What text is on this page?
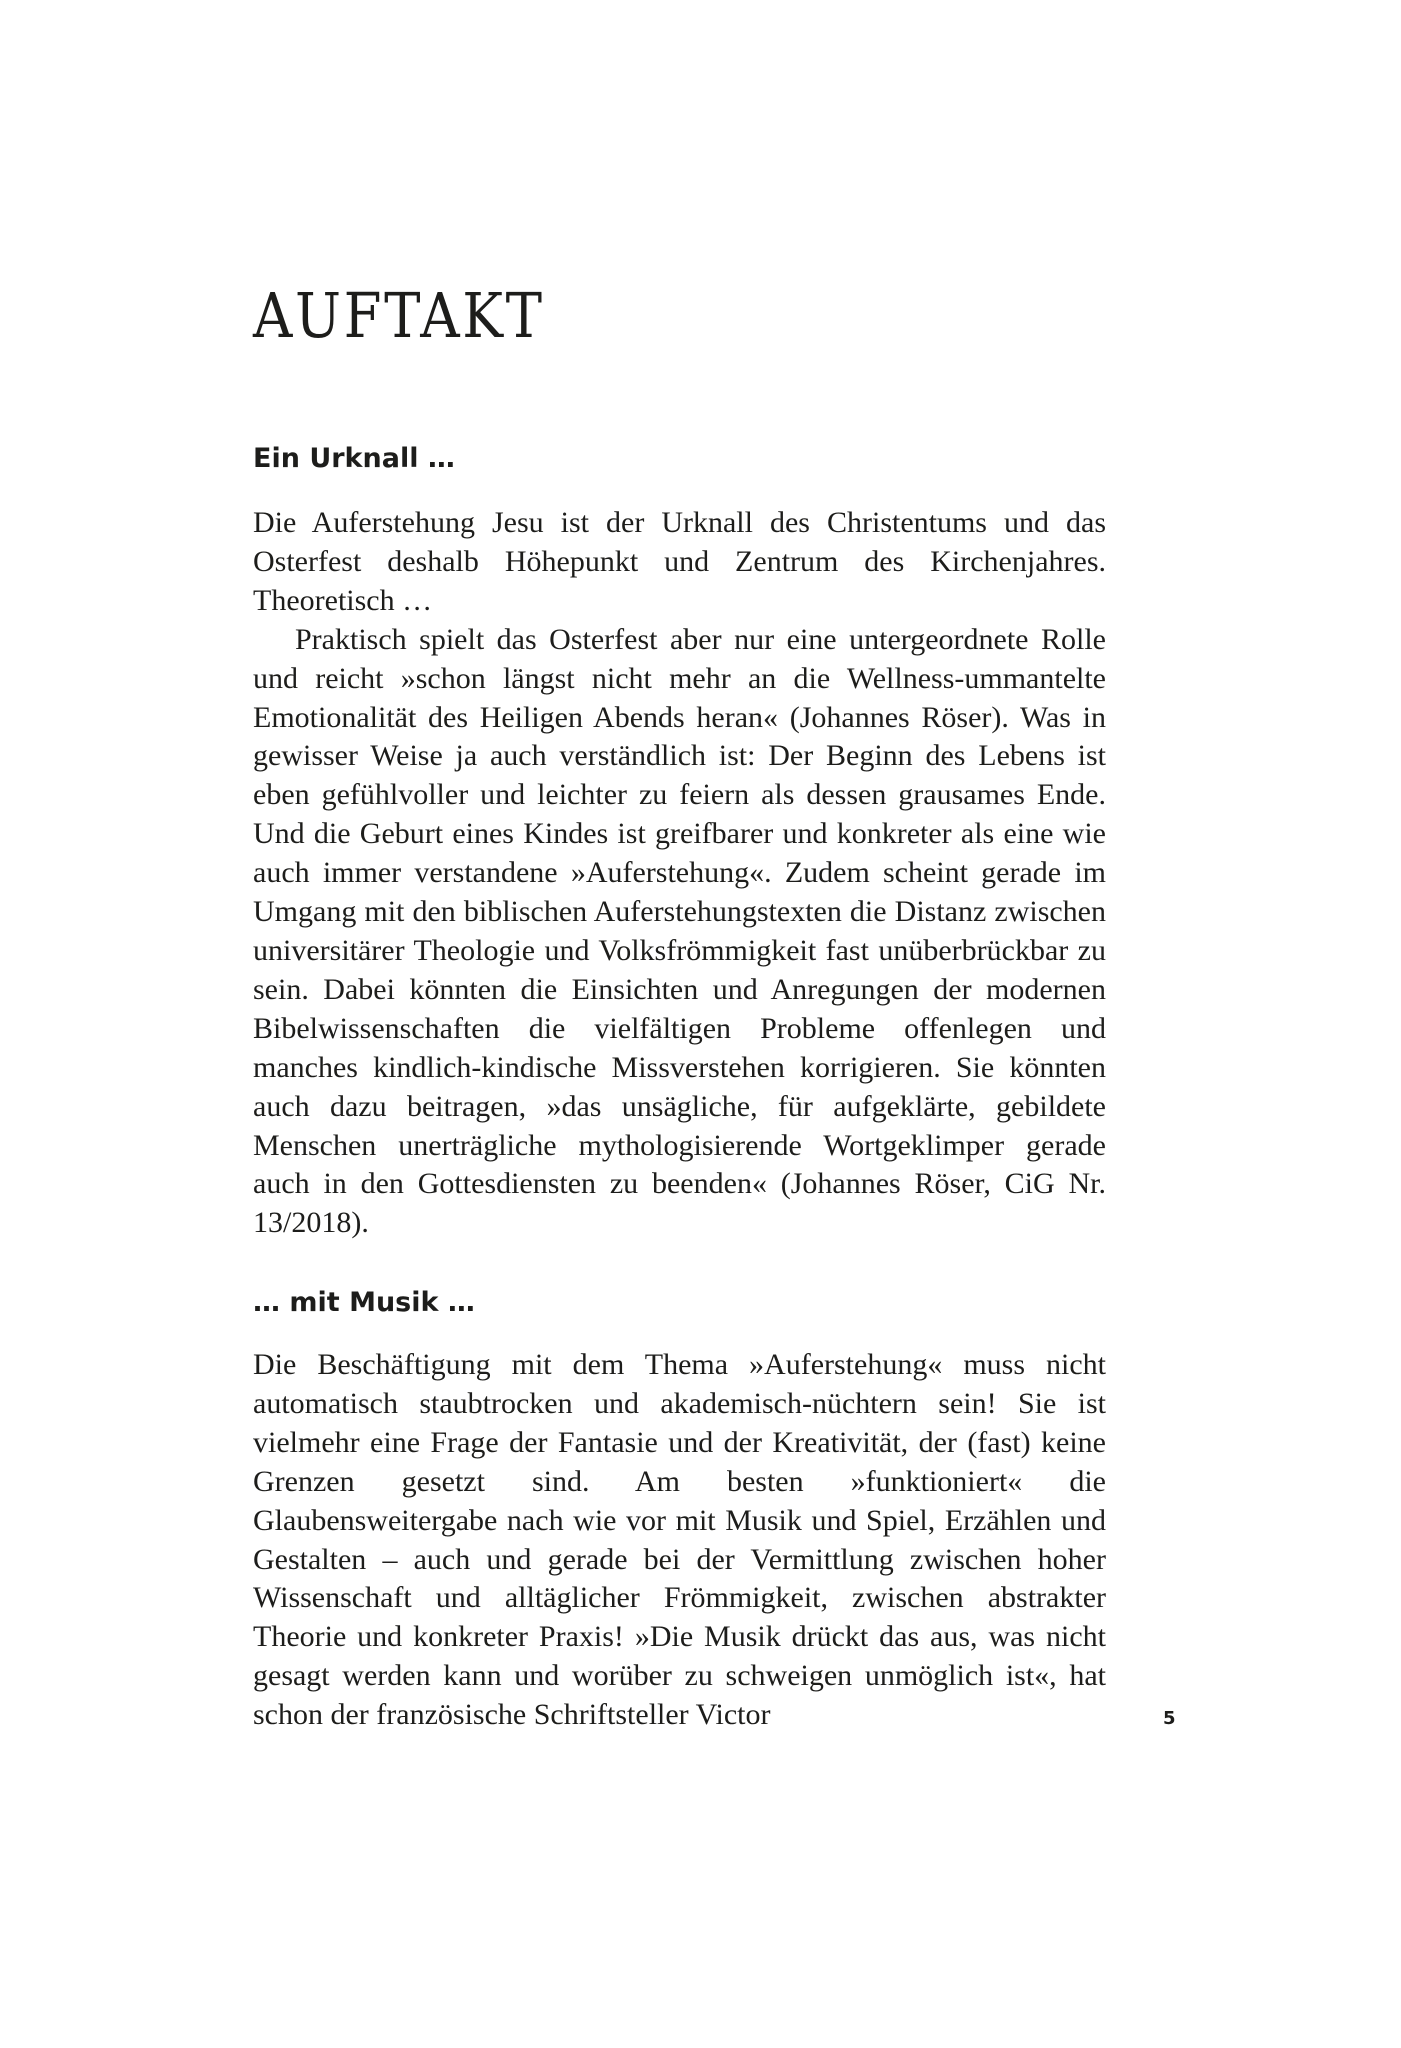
AUFTAKT
Ein Urknall …

Die Auferstehung Jesu ist der Urknall des Christentums und das Osterfest deshalb Höhepunkt und Zentrum des Kirchenjahres. Theoretisch …

Praktisch spielt das Osterfest aber nur eine untergeordnete Rolle und reicht »schon längst nicht mehr an die Wellness-ummantelte Emotionalität des Heiligen Abends heran« (Johannes Röser). Was in gewisser Weise ja auch verständlich ist: Der Beginn des Lebens ist eben gefühlvoller und leichter zu feiern als dessen grausames Ende. Und die Geburt eines Kindes ist greifbarer und konkreter als eine wie auch immer verstandene »Auferstehung«. Zudem scheint gerade im Umgang mit den biblischen Auferstehungstexten die Distanz zwischen universitärer Theologie und Volksfrömmigkeit fast unüberbrückbar zu sein. Dabei könnten die Einsichten und Anregungen der modernen Bibelwissenschaften die vielfältigen Probleme offenlegen und manches kindlich-kindische Missverstehen korrigieren. Sie könnten auch dazu beitragen, »das unsägliche, für aufgeklärte, gebildete Menschen unerträgliche mythologisierende Wortgeklimper gerade auch in den Gottesdiensten zu beenden« (Johannes Röser, CiG Nr. 13/2018).

… mit Musik …

Die Beschäftigung mit dem Thema »Auferstehung« muss nicht automatisch staubtrocken und akademisch-nüchtern sein! Sie ist vielmehr eine Frage der Fantasie und der Kreativität, der (fast) keine Grenzen gesetzt sind. Am besten »funktioniert« die Glaubensweitergabe nach wie vor mit Musik und Spiel, Erzählen und Gestalten – auch und gerade bei der Vermittlung zwischen hoher Wissenschaft und alltäglicher Frömmigkeit, zwischen abstrakter Theorie und konkreter Praxis! »Die Musik drückt das aus, was nicht gesagt werden kann und worüber zu schweigen unmöglich ist«, hat schon der französische Schriftsteller Victor	5
